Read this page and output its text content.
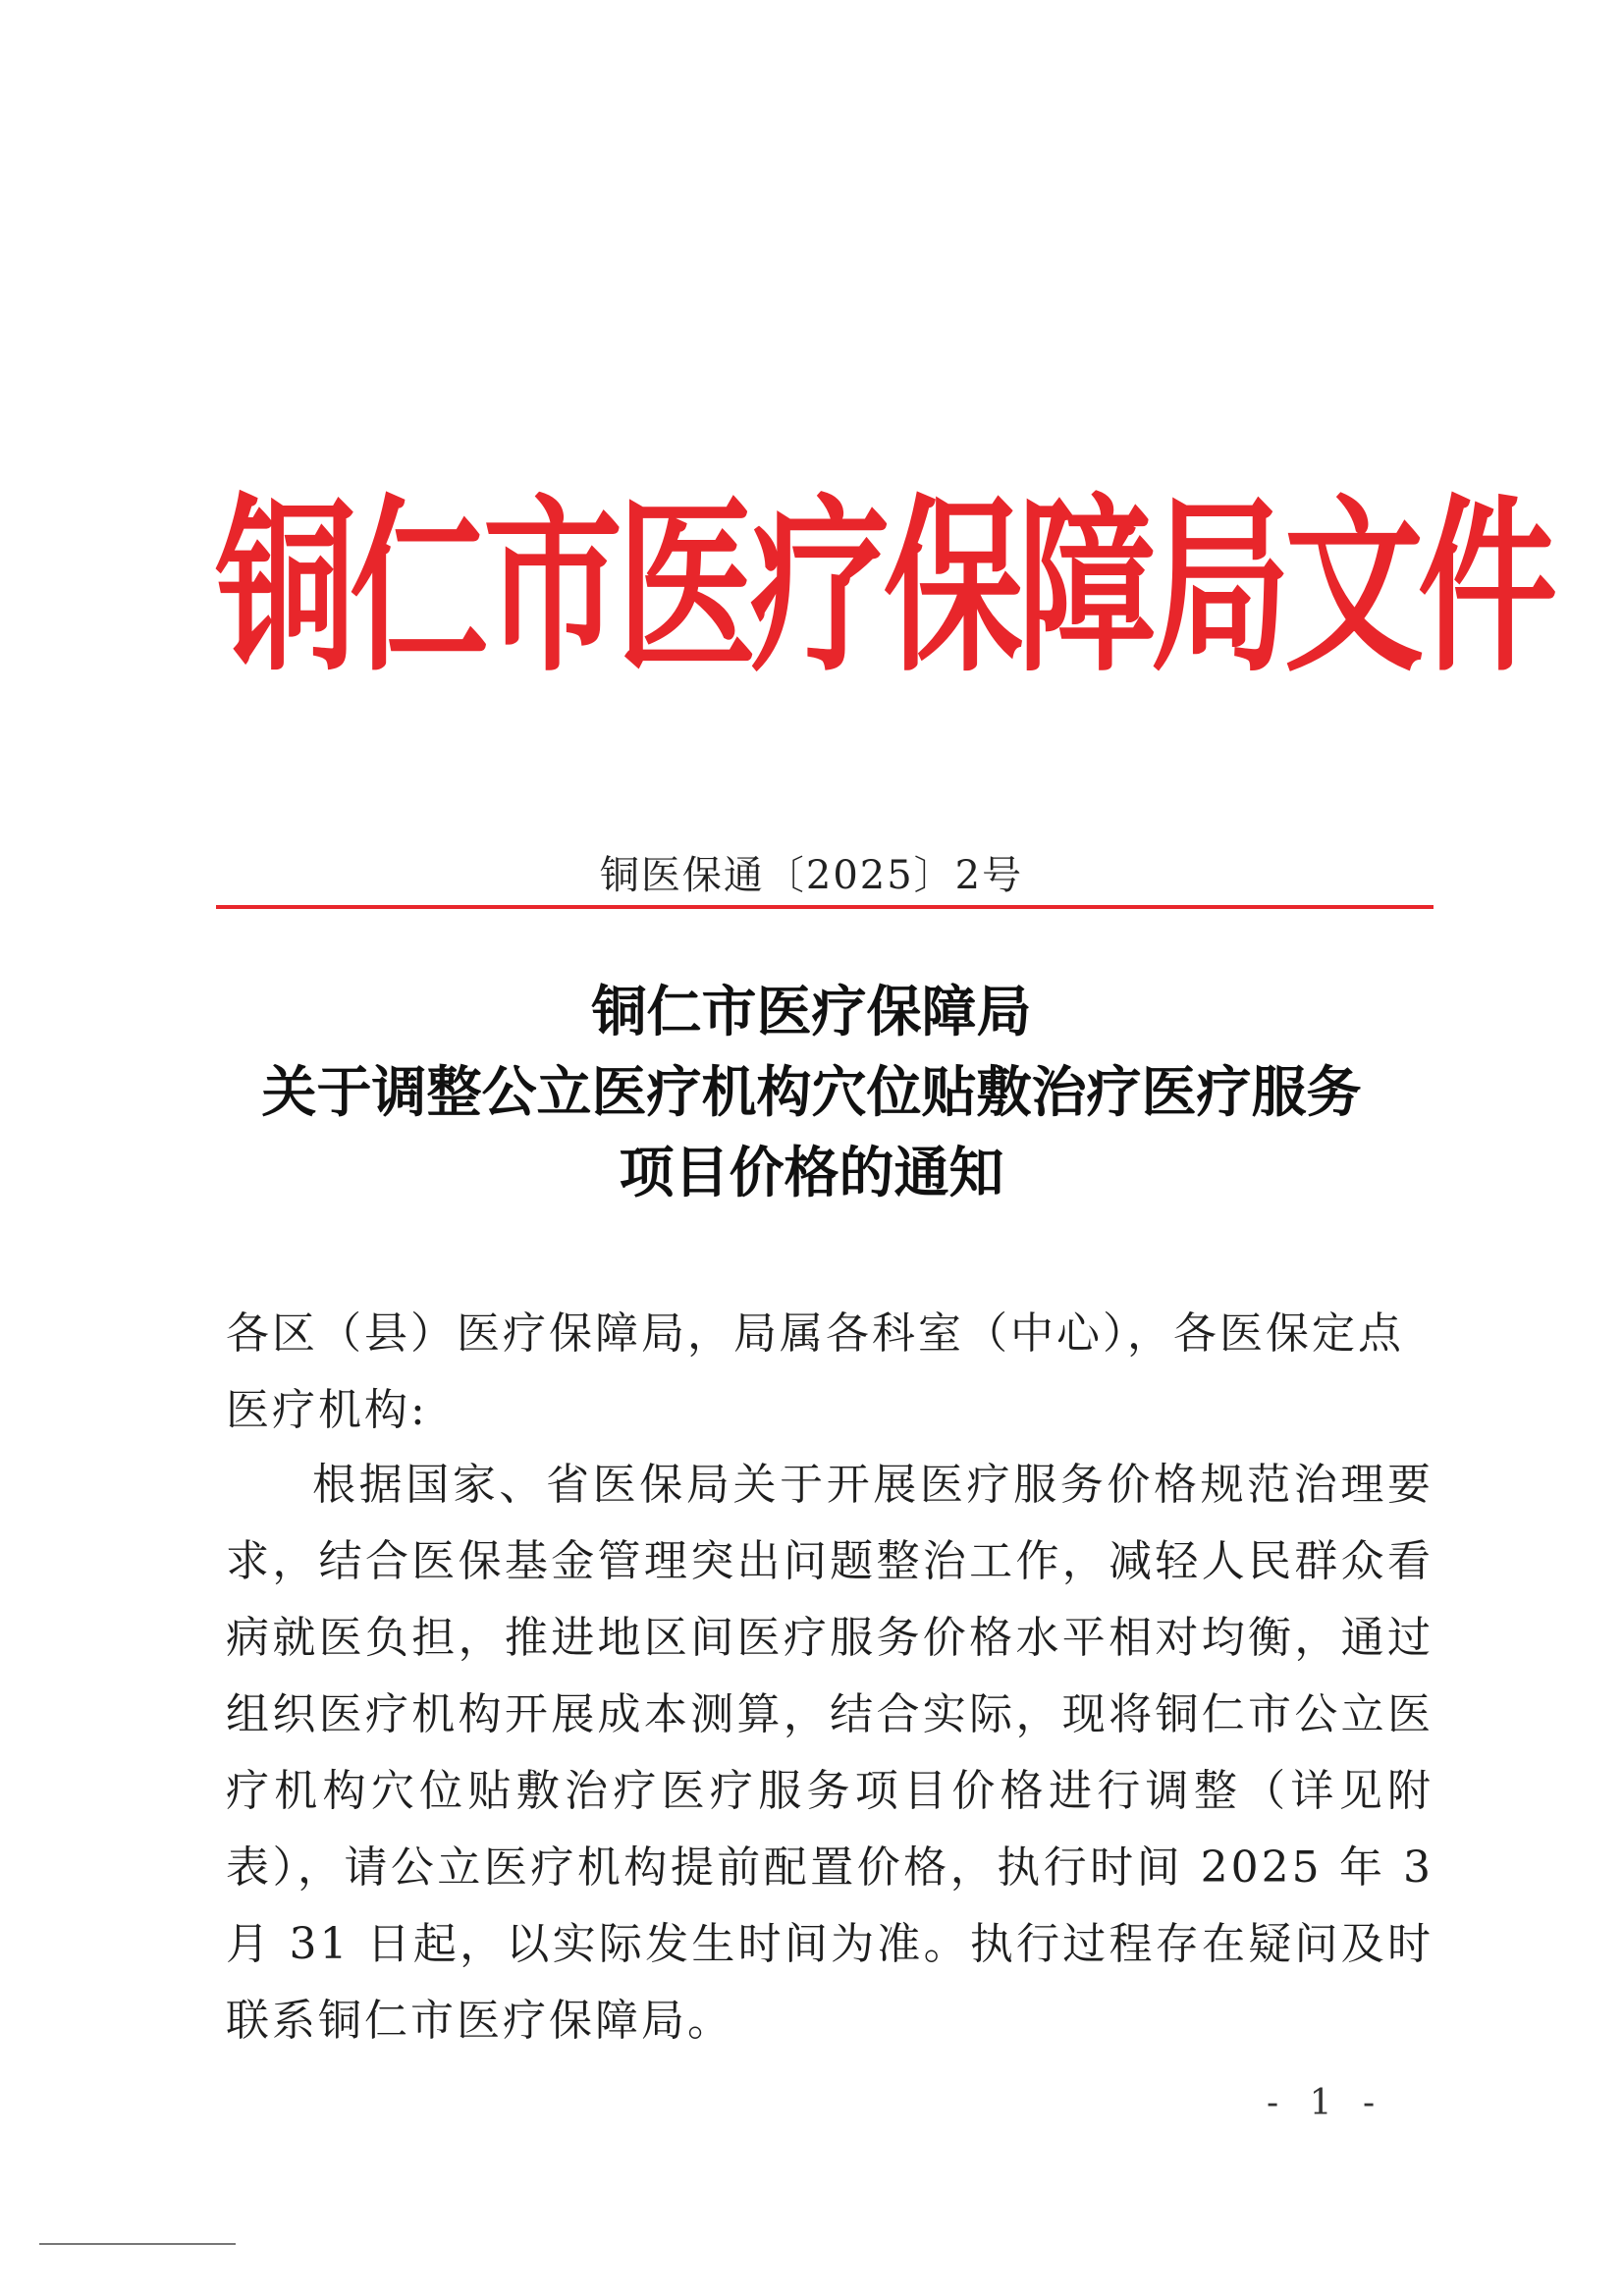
铜仁市医疗保障局文件
铜医保通〔2025〕2号
铜仁市医疗保障局
关于调整公立医疗机构穴位贴敷治疗医疗服务
项目价格的通知
各区（县）医疗保障局，局属各科室（中心），各医保定点医疗机构:
根据国家、省医保局关于开展医疗服务价格规范治理要求，结合医保基金管理突出问题整治工作，减轻人民群众看病就医负担，推进地区间医疗服务价格水平相对均衡，通过组织医疗机构开展成本测算，结合实际，现将铜仁市公立医疗机构穴位贴敷治疗医疗服务项目价格进行调整（详见附表），请公立医疗机构提前配置价格，执行时间 2025 年 3 月 31 日起，以实际发生时间为准。执行过程存在疑问及时联系铜仁市医疗保障局。
- 1 -
